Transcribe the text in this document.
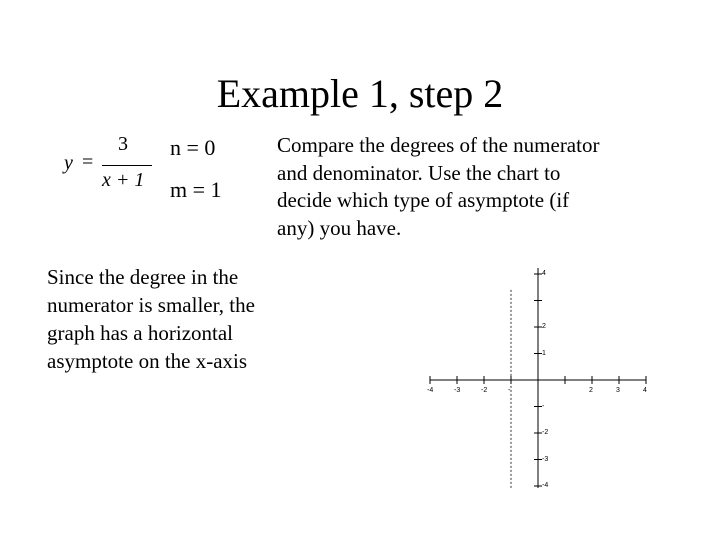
Example 1, step 2
y =
3
x + 1
n = 0
m = 1
Compare the degrees of the numerator and denominator. Use the chart to decide which type of asymptote (if any) you have.
Since the degree in the numerator is smaller, the graph has a horizontal asymptote on the x-axis
-4	-3	-2	-	2	3	4
4
2
1
-
-2
-3
-4
